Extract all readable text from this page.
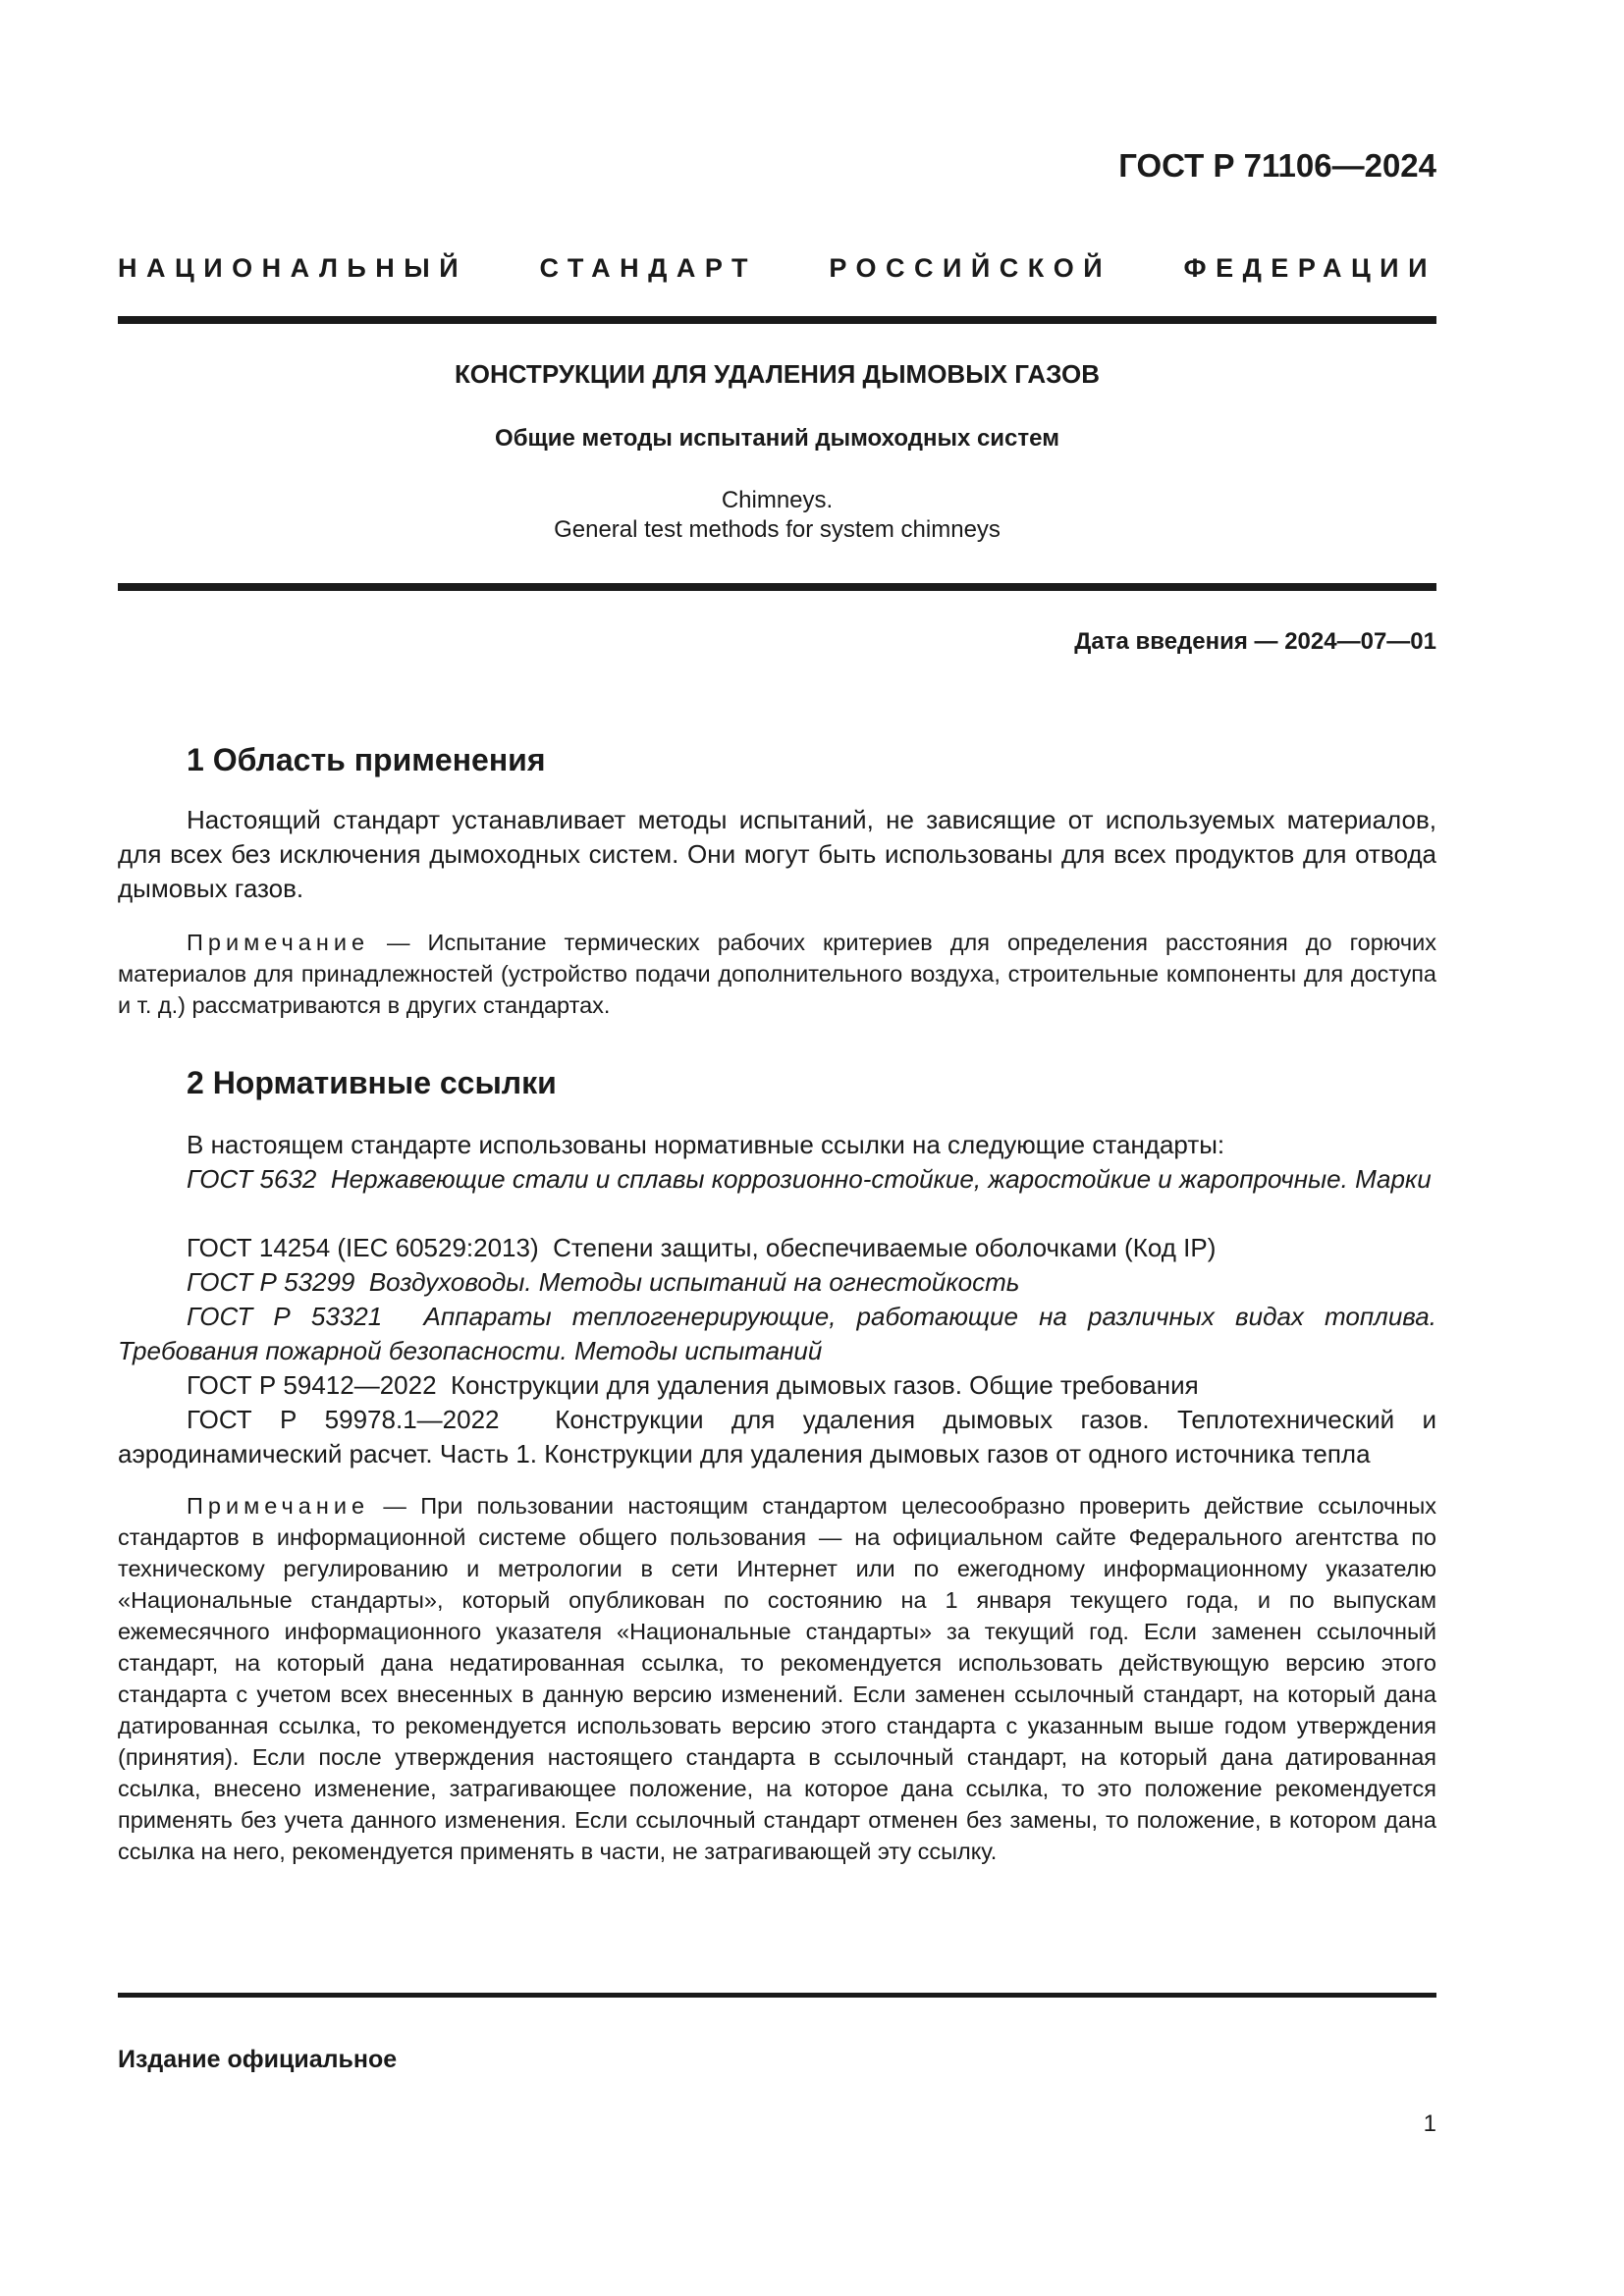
ГОСТ Р 71106—2024
НАЦИОНАЛЬНЫЙ СТАНДАРТ РОССИЙСКОЙ ФЕДЕРАЦИИ
КОНСТРУКЦИИ ДЛЯ УДАЛЕНИЯ ДЫМОВЫХ ГАЗОВ
Общие методы испытаний дымоходных систем
Chimneys.
General test methods for system chimneys
Дата введения — 2024—07—01
1 Область применения
Настоящий стандарт устанавливает методы испытаний, не зависящие от используемых материалов, для всех без исключения дымоходных систем. Они могут быть использованы для всех продуктов для отвода дымовых газов.
Примечание — Испытание термических рабочих критериев для определения расстояния до горючих материалов для принадлежностей (устройство подачи дополнительного воздуха, строительные компоненты для доступа и т. д.) рассматриваются в других стандартах.
2 Нормативные ссылки
В настоящем стандарте использованы нормативные ссылки на следующие стандарты:
ГОСТ 5632 Нержавеющие стали и сплавы коррозионно-стойкие, жаростойкие и жаропрочные. Марки
ГОСТ 14254 (IEC 60529:2013) Степени защиты, обеспечиваемые оболочками (Код IP)
ГОСТ Р 53299 Воздуховоды. Методы испытаний на огнестойкость
ГОСТ Р 53321 Аппараты теплогенерирующие, работающие на различных видах топлива. Требования пожарной безопасности. Методы испытаний
ГОСТ Р 59412—2022 Конструкции для удаления дымовых газов. Общие требования
ГОСТ Р 59978.1—2022 Конструкции для удаления дымовых газов. Теплотехнический и аэродинамический расчет. Часть 1. Конструкции для удаления дымовых газов от одного источника тепла
Примечание — При пользовании настоящим стандартом целесообразно проверить действие ссылочных стандартов в информационной системе общего пользования — на официальном сайте Федерального агентства по техническому регулированию и метрологии в сети Интернет или по ежегодному информационному указателю «Национальные стандарты», который опубликован по состоянию на 1 января текущего года, и по выпускам ежемесячного информационного указателя «Национальные стандарты» за текущий год. Если заменен ссылочный стандарт, на который дана недатированная ссылка, то рекомендуется использовать действующую версию этого стандарта с учетом всех внесенных в данную версию изменений. Если заменен ссылочный стандарт, на который дана датированная ссылка, то рекомендуется использовать версию этого стандарта с указанным выше годом утверждения (принятия). Если после утверждения настоящего стандарта в ссылочный стандарт, на который дана датированная ссылка, внесено изменение, затрагивающее положение, на которое дана ссылка, то это положение рекомендуется применять без учета данного изменения. Если ссылочный стандарт отменен без замены, то положение, в котором дана ссылка на него, рекомендуется применять в части, не затрагивающей эту ссылку.
Издание официальное
1
